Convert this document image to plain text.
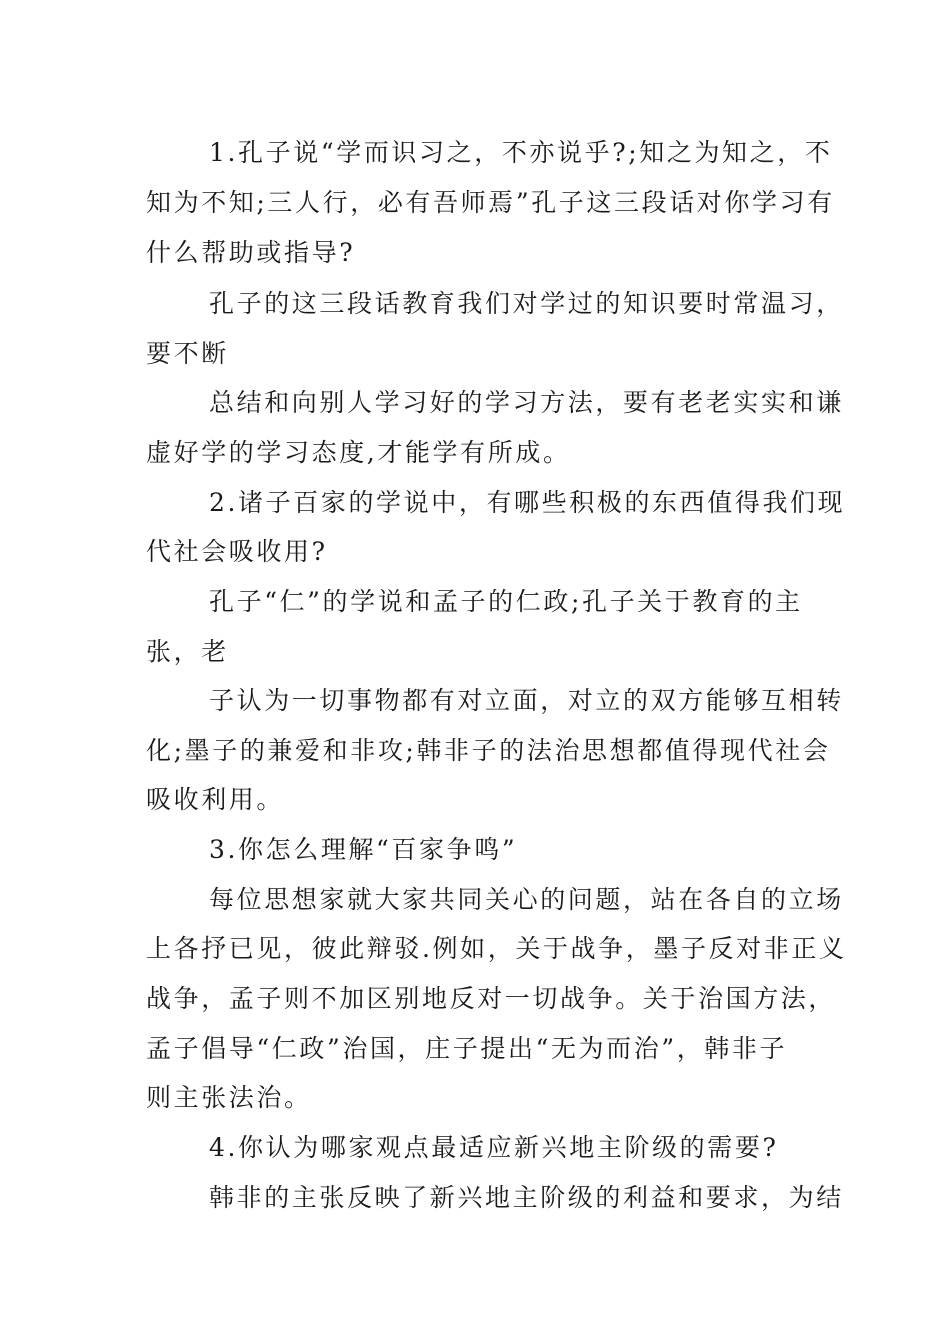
1.孔子说“学而识习之，不亦说乎?;知之为知之，不
知为不知;三人行，必有吾师焉”孔子这三段话对你学习有
什么帮助或指导?
孔子的这三段话教育我们对学过的知识要时常温习，
要不断
总结和向别人学习好的学习方法，要有老老实实和谦
虚好学的学习态度,才能学有所成。
2.诸子百家的学说中，有哪些积极的东西值得我们现
代社会吸收用?
孔子“仁”的学说和孟子的仁政;孔子关于教育的主
张，老
子认为一切事物都有对立面，对立的双方能够互相转
化;墨子的兼爱和非攻;韩非子的法治思想都值得现代社会
吸收利用。
3.你怎么理解“百家争鸣”
每位思想家就大家共同关心的问题，站在各自的立场
上各抒已见，彼此辩驳.例如，关于战争，墨子反对非正义
战争，孟子则不加区别地反对一切战争。关于治国方法，
孟子倡导“仁政”治国，庄子提出“无为而治”，韩非子
则主张法治。
4.你认为哪家观点最适应新兴地主阶级的需要?
韩非的主张反映了新兴地主阶级的利益和要求，为结
